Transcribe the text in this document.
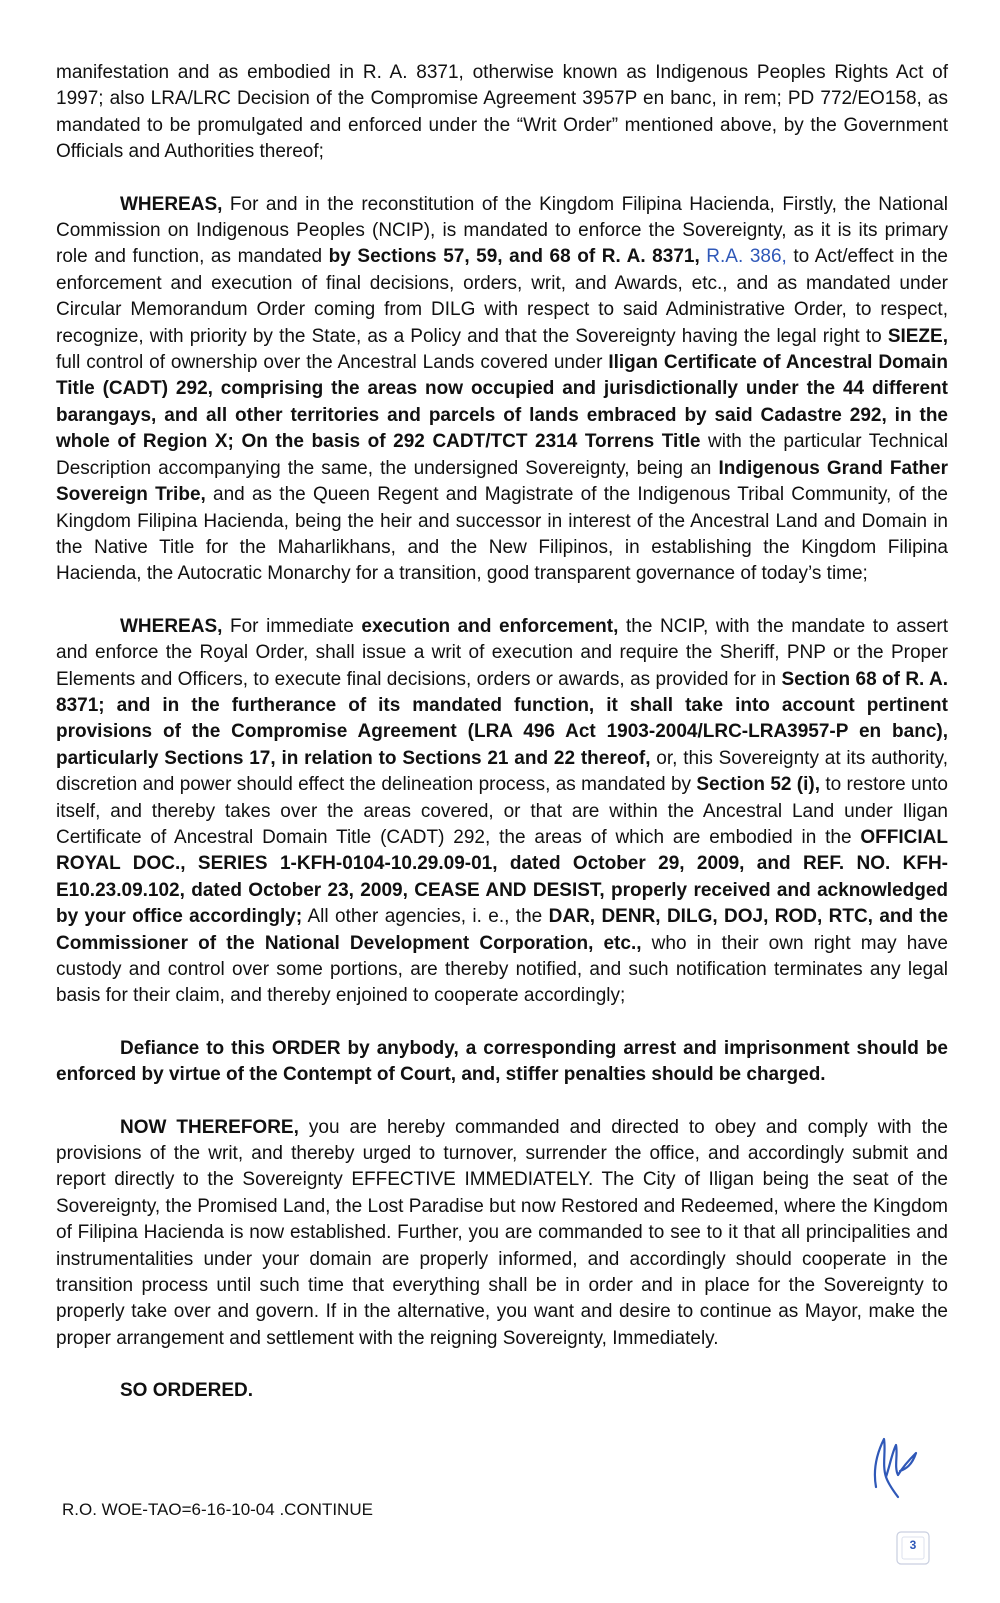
manifestation and as embodied in R. A. 8371, otherwise known as Indigenous Peoples Rights Act of 1997; also LRA/LRC Decision of the Compromise Agreement 3957P en banc, in rem; PD 772/EO158, as mandated to be promulgated and enforced under the “Writ Order” mentioned above, by the Government Officials and Authorities thereof;

WHEREAS, For and in the reconstitution of the Kingdom Filipina Hacienda, Firstly, the National Commission on Indigenous Peoples (NCIP), is mandated to enforce the Sovereignty, as it is its primary role and function, as mandated by Sections 57, 59, and 68 of R. A. 8371, R.A. 386, to Act/effect in the enforcement and execution of final decisions, orders, writ, and Awards, etc., and as mandated under Circular Memorandum Order coming from DILG with respect to said Administrative Order, to respect, recognize, with priority by the State, as a Policy and that the Sovereignty having the legal right to SIEZE, full control of ownership over the Ancestral Lands covered under Iligan Certificate of Ancestral Domain Title (CADT) 292, comprising the areas now occupied and jurisdictionally under the 44 different barangays, and all other territories and parcels of lands embraced by said Cadastre 292, in the whole of Region X; On the basis of 292 CADT/TCT 2314 Torrens Title with the particular Technical Description accompanying the same, the undersigned Sovereignty, being an Indigenous Grand Father Sovereign Tribe, and as the Queen Regent and Magistrate of the Indigenous Tribal Community, of the Kingdom Filipina Hacienda, being the heir and successor in interest of the Ancestral Land and Domain in the Native Title for the Maharlikhans, and the New Filipinos, in establishing the Kingdom Filipina Hacienda, the Autocratic Monarchy for a transition, good transparent governance of today’s time;

WHEREAS, For immediate execution and enforcement, the NCIP, with the mandate to assert and enforce the Royal Order, shall issue a writ of execution and require the Sheriff, PNP or the Proper Elements and Officers, to execute final decisions, orders or awards, as provided for in Section 68 of R. A. 8371; and in the furtherance of its mandated function, it shall take into account pertinent provisions of the Compromise Agreement (LRA 496 Act 1903-2004/LRC-LRA3957-P en banc), particularly Sections 17, in relation to Sections 21 and 22 thereof, or, this Sovereignty at its authority, discretion and power should effect the delineation process, as mandated by Section 52 (i), to restore unto itself, and thereby takes over the areas covered, or that are within the Ancestral Land under Iligan Certificate of Ancestral Domain Title (CADT) 292, the areas of which are embodied in the OFFICIAL ROYAL DOC., SERIES 1-KFH-0104-10.29.09-01, dated October 29, 2009, and REF. NO. KFH-E10.23.09.102, dated October 23, 2009, CEASE AND DESIST, properly received and acknowledged by your office accordingly; All other agencies, i. e., the DAR, DENR, DILG, DOJ, ROD, RTC, and the Commissioner of the National Development Corporation, etc., who in their own right may have custody and control over some portions, are thereby notified, and such notification terminates any legal basis for their claim, and thereby enjoined to cooperate accordingly;

Defiance to this ORDER by anybody, a corresponding arrest and imprisonment should be enforced by virtue of the Contempt of Court, and, stiffer penalties should be charged.

NOW THEREFORE, you are hereby commanded and directed to obey and comply with the provisions of the writ, and thereby urged to turnover, surrender the office, and accordingly submit and report directly to the Sovereignty EFFECTIVE IMMEDIATELY. The City of Iligan being the seat of the Sovereignty, the Promised Land, the Lost Paradise but now Restored and Redeemed, where the Kingdom of Filipina Hacienda is now established. Further, you are commanded to see to it that all principalities and instrumentalities under your domain are properly informed, and accordingly should cooperate in the transition process until such time that everything shall be in order and in place for the Sovereignty to properly take over and govern. If in the alternative, you want and desire to continue as Mayor, make the proper arrangement and settlement with the reigning Sovereignty, Immediately.

SO ORDERED.

R.O. WOE-TAO=6-16-10-04 .CONTINUE
3
